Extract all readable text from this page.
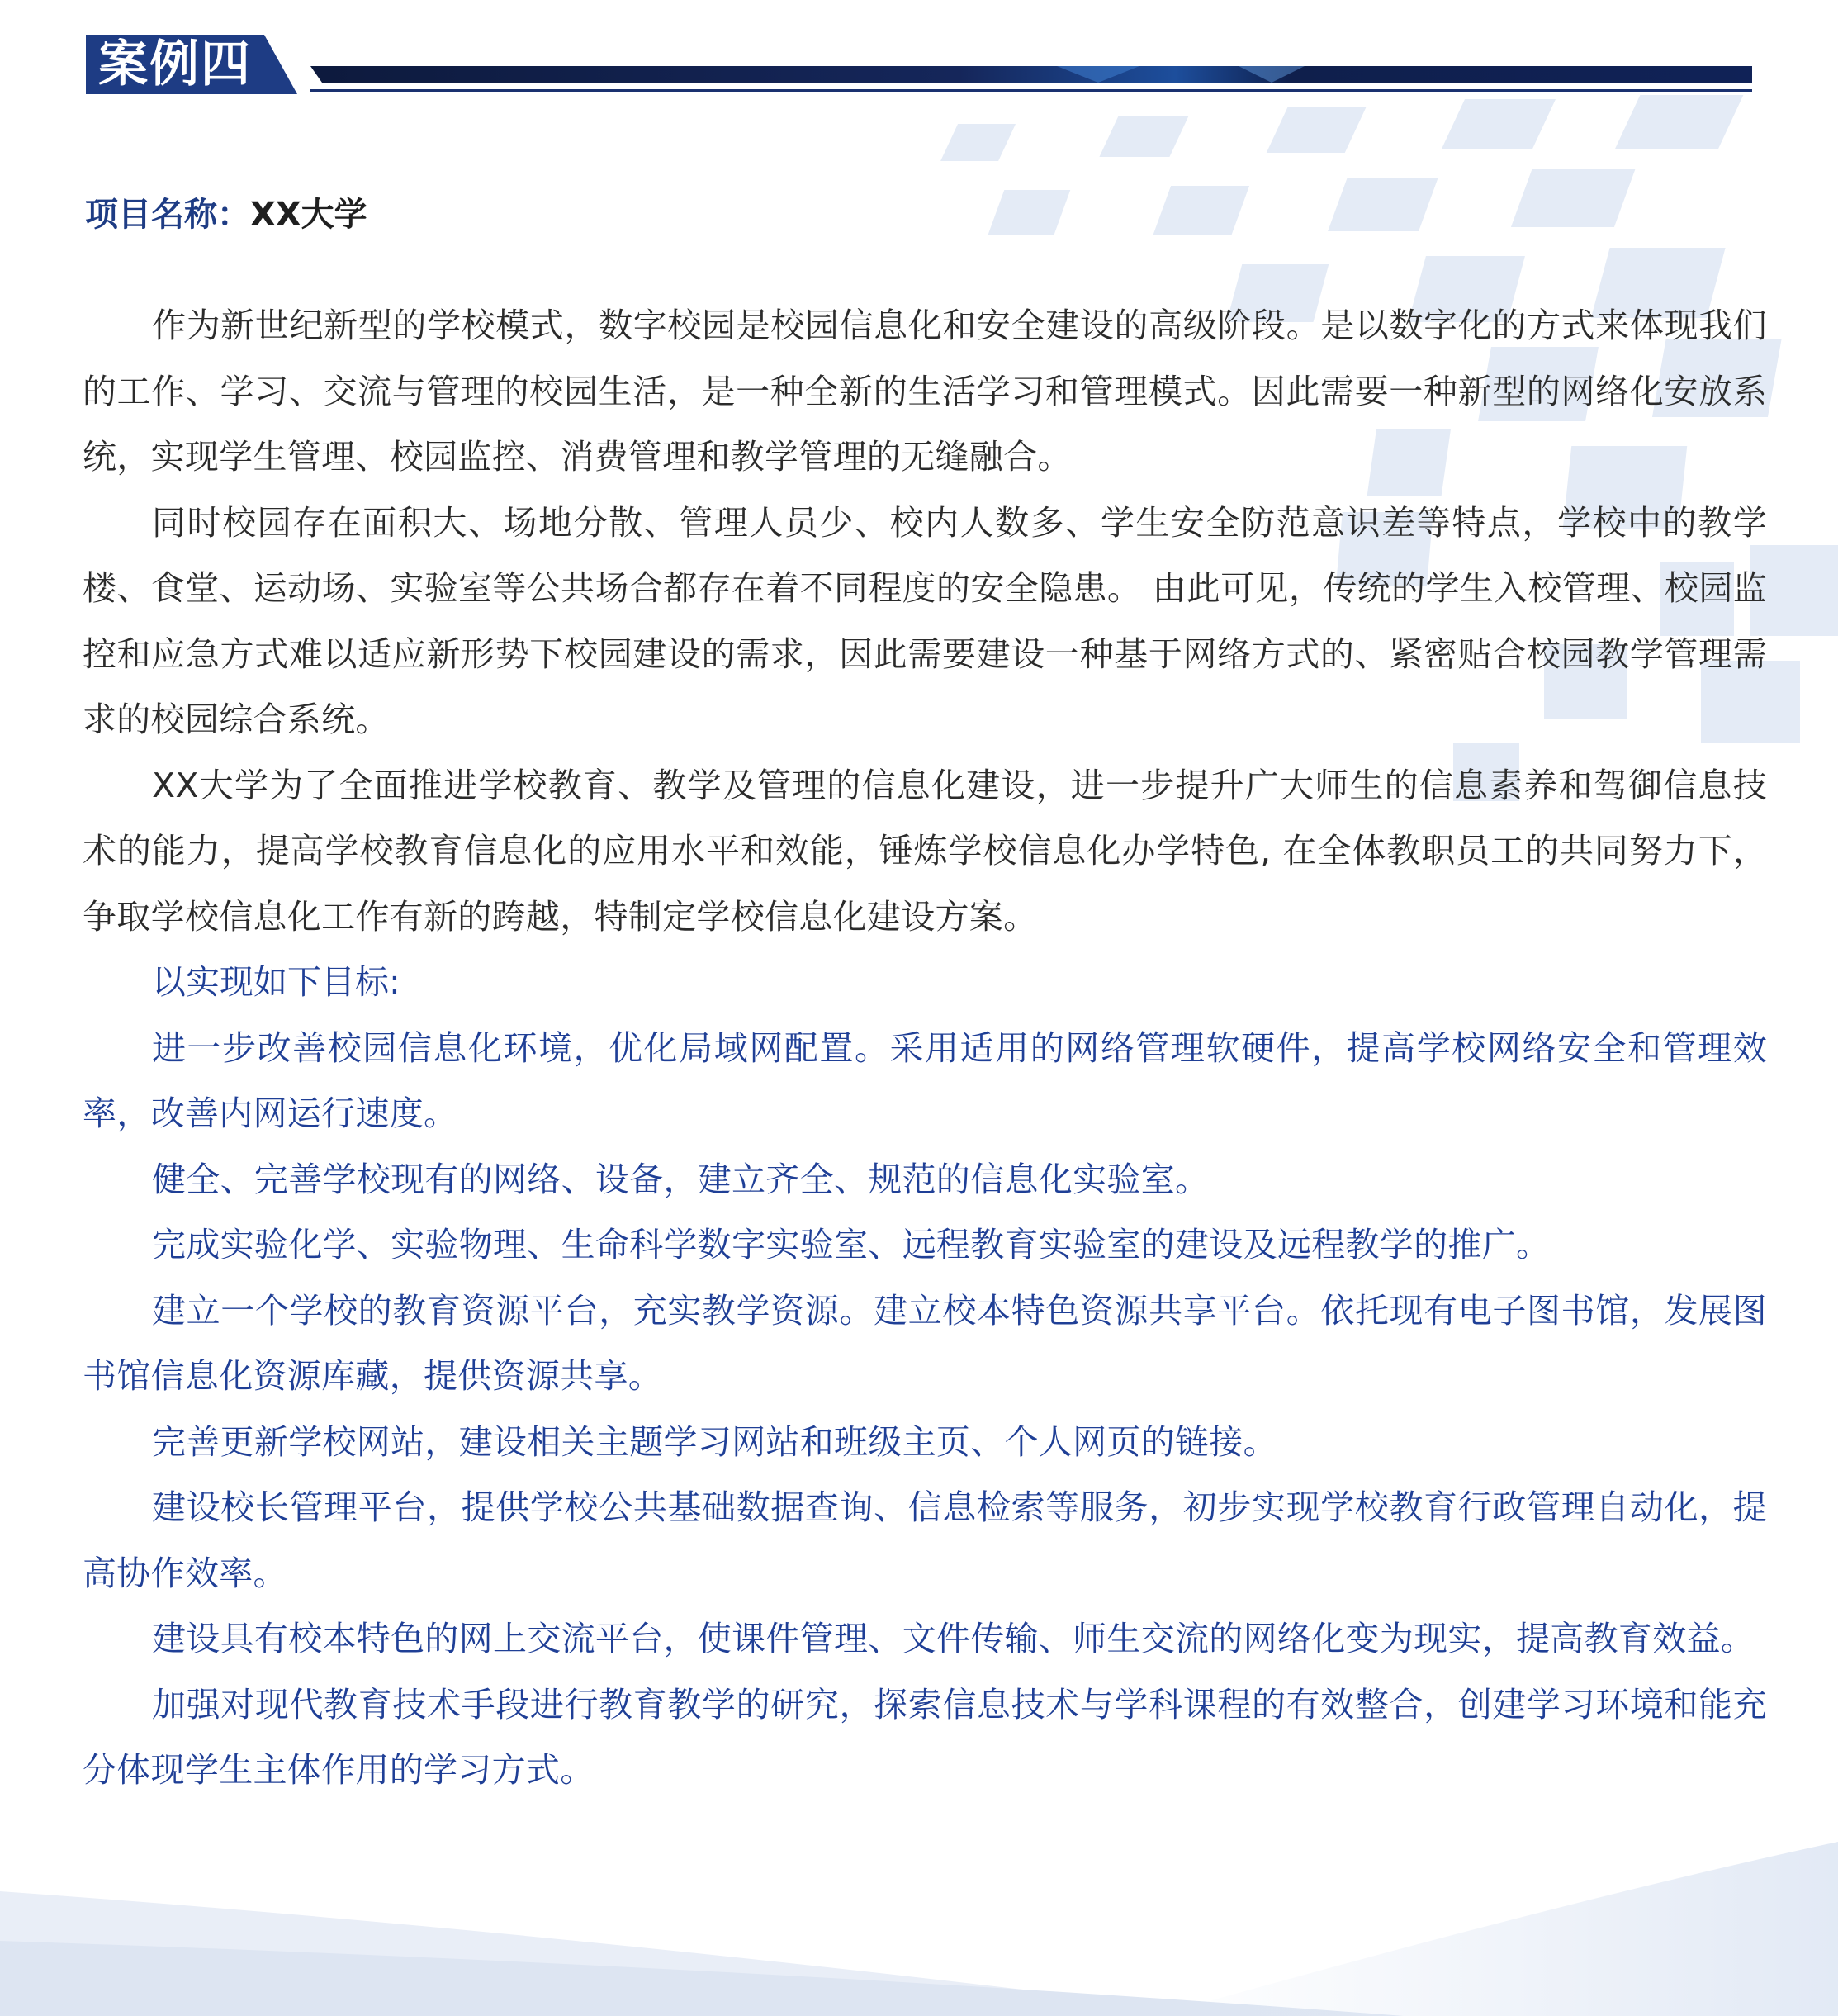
案例四
项目名称：XX大学

作为新世纪新型的学校模式，数字校园是校园信息化和安全建设的高级阶段。是以数字化的方式来体现我们的工作、学习、交流与管理的校园生活，是一种全新的生活学习和管理模式。因此需要一种新型的网络化安放系统，实现学生管理、校园监控、消费管理和教学管理的无缝融合。

同时校园存在面积大、场地分散、管理人员少、校内人数多、学生安全防范意识差等特点，学校中的教学楼、食堂、运动场、实验室等公共场合都存在着不同程度的安全隐患。 由此可见，传统的学生入校管理、校园监控和应急方式难以适应新形势下校园建设的需求，因此需要建设一种基于网络方式的、紧密贴合校园教学管理需求的校园综合系统。

XX大学为了全面推进学校教育、教学及管理的信息化建设，进一步提升广大师生的信息素养和驾御信息技术的能力，提高学校教育信息化的应用水平和效能，锤炼学校信息化办学特色, 在全体教职员工的共同努力下，争取学校信息化工作有新的跨越，特制定学校信息化建设方案。

以实现如下目标:

进一步改善校园信息化环境，优化局域网配置。采用适用的网络管理软硬件，提高学校网络安全和管理效率，改善内网运行速度。

健全、完善学校现有的网络、设备，建立齐全、规范的信息化实验室。

完成实验化学、实验物理、生命科学数字实验室、远程教育实验室的建设及远程教学的推广。

建立一个学校的教育资源平台，充实教学资源。建立校本特色资源共享平台。依托现有电子图书馆，发展图书馆信息化资源库藏，提供资源共享。

完善更新学校网站，建设相关主题学习网站和班级主页、个人网页的链接。

建设校长管理平台，提供学校公共基础数据查询、信息检索等服务，初步实现学校教育行政管理自动化，提高协作效率。

建设具有校本特色的网上交流平台，使课件管理、文件传输、师生交流的网络化变为现实，提高教育效益。

加强对现代教育技术手段进行教育教学的研究，探索信息技术与学科课程的有效整合，创建学习环境和能充分体现学生主体作用的学习方式。
